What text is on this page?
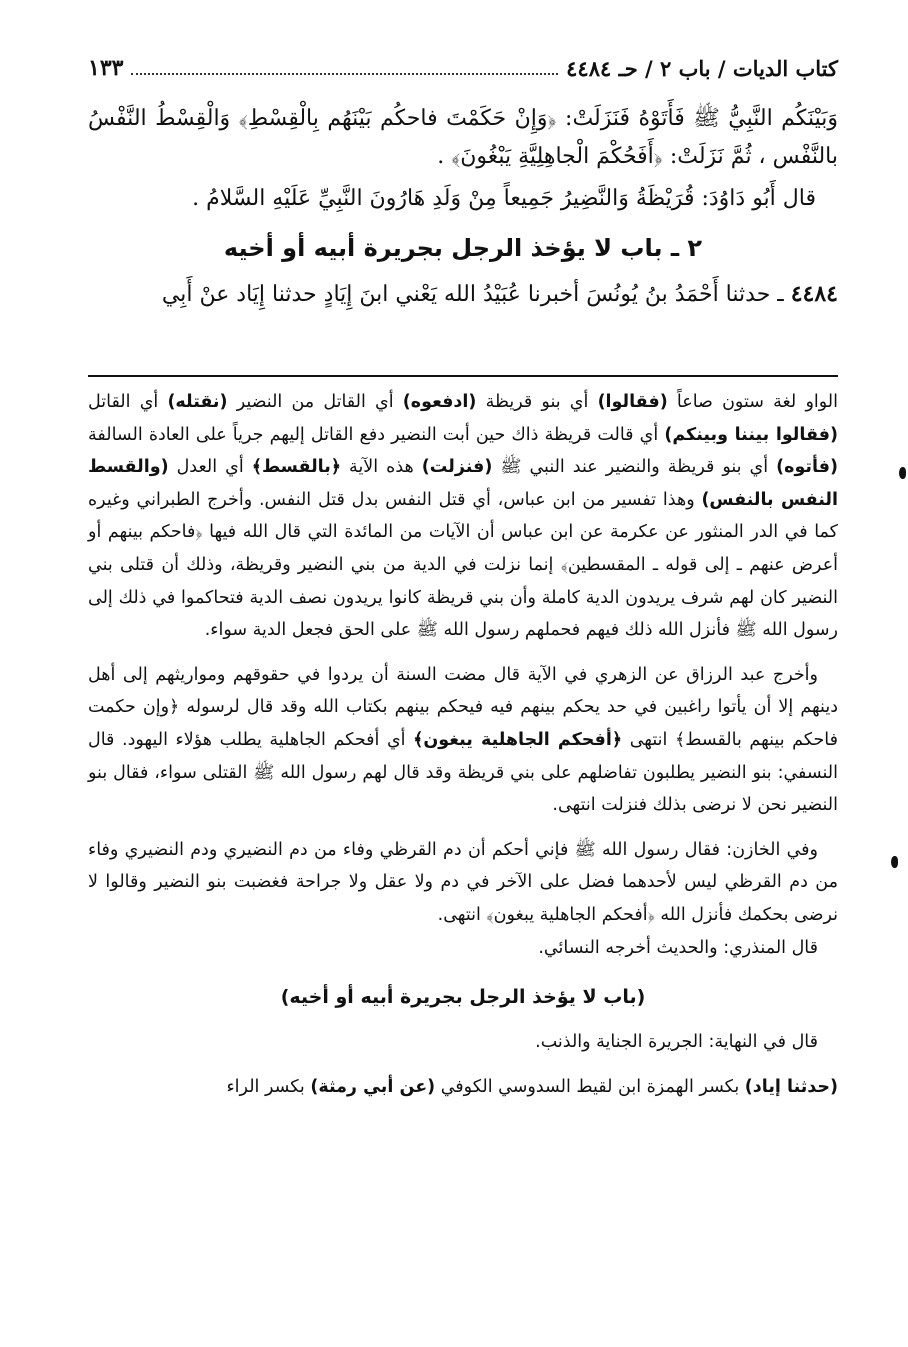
كتاب الديات / باب ٢ / حـ ٤٤٨٤
١٣٣

وَبَيْنَكُم النَّبِيُّ ﷺ فَأَتَوْهُ فَنَزَلَتْ: ﴿وَإِنْ حَكَمْتَ فاحكُم بَيْنَهُم بِالْقِسْطِ﴾ وَالْقِسْطُ النَّفْسُ بالنَّفْس ، ثُمَّ نَزَلَتْ: ﴿أَفَحُكْمَ الْجاهِلِيَّةِ يَبْغُونَ﴾ .

قال أَبُو دَاوُدَ: قُرَيْظَةُ وَالنَّضِيرُ جَمِيعاً مِنْ وَلَدِ هَارُونَ النَّبِيِّ عَلَيْهِ السَّلامُ .

٢ ـ باب لا يؤخذ الرجل بجريرة أبيه أو أخيه
٤٤٨٤ ـ حدثنا أَحْمَدُ بنُ يُونُسَ أخبرنا عُبَيْدُ الله يَعْني ابنَ إِيَادٍ حدثنا إِيَاد عنْ أَبِي

الواو لغة ستون صاعاً (فقالوا) أي بنو قريظة (ادفعوه) أي القاتل من النضير (نقتله) أي القاتل (فقالوا بيننا وبينكم) أي قالت قريظة ذاك حين أبت النضير دفع القاتل إليهم جرياً على العادة السالفة (فأتوه) أي بنو قريظة والنضير عند النبي ﷺ (فنزلت) هذه الآية ﴿بالقسط﴾ أي العدل (والقسط النفس بالنفس) وهذا تفسير من ابن عباس، أي قتل النفس بدل قتل النفس. وأخرج الطبراني وغيره كما في الدر المنثور عن عكرمة عن ابن عباس أن الآيات من المائدة التي قال الله فيها ﴿فاحكم بينهم أو أعرض عنهم ـ إلى قوله ـ المقسطين﴾ إنما نزلت في الدية من بني النضير وقريظة، وذلك أن قتلى بني النضير كان لهم شرف يريدون الدية كاملة وأن بني قريظة كانوا يريدون نصف الدية فتحاكموا في ذلك إلى رسول الله ﷺ فأنزل الله ذلك فيهم فحملهم رسول الله ﷺ على الحق فجعل الدية سواء.

وأخرج عبد الرزاق عن الزهري في الآية قال مضت السنة أن يردوا في حقوقهم ومواريثهم إلى أهل دينهم إلا أن يأتوا راغبين في حد يحكم بينهم فيه فيحكم بينهم بكتاب الله وقد قال لرسوله ﴿وإن حكمت فاحكم بينهم بالقسط﴾ انتهى ﴿أفحكم الجاهلية يبغون﴾ أي أفحكم الجاهلية يطلب هؤلاء اليهود. قال النسفي: بنو النضير يطلبون تفاضلهم على بني قريظة وقد قال لهم رسول الله ﷺ القتلى سواء، فقال بنو النضير نحن لا نرضى بذلك فنزلت انتهى.

وفي الخازن: فقال رسول الله ﷺ فإني أحكم أن دم القرظي وفاء من دم النضيري ودم النضيري وفاء من دم القرظي ليس لأحدهما فضل على الآخر في دم ولا عقل ولا جراحة فغضبت بنو النضير وقالوا لا نرضى بحكمك فأنزل الله ﴿أفحكم الجاهلية يبغون﴾ انتهى.

قال المنذري: والحديث أخرجه النسائي.

(باب لا يؤخذ الرجل بجريرة أبيه أو أخيه)

قال في النهاية: الجريرة الجناية والذنب.

(حدثنا إياد) بكسر الهمزة ابن لقيط السدوسي الكوفي (عن أبي رمثة) بكسر الراء
